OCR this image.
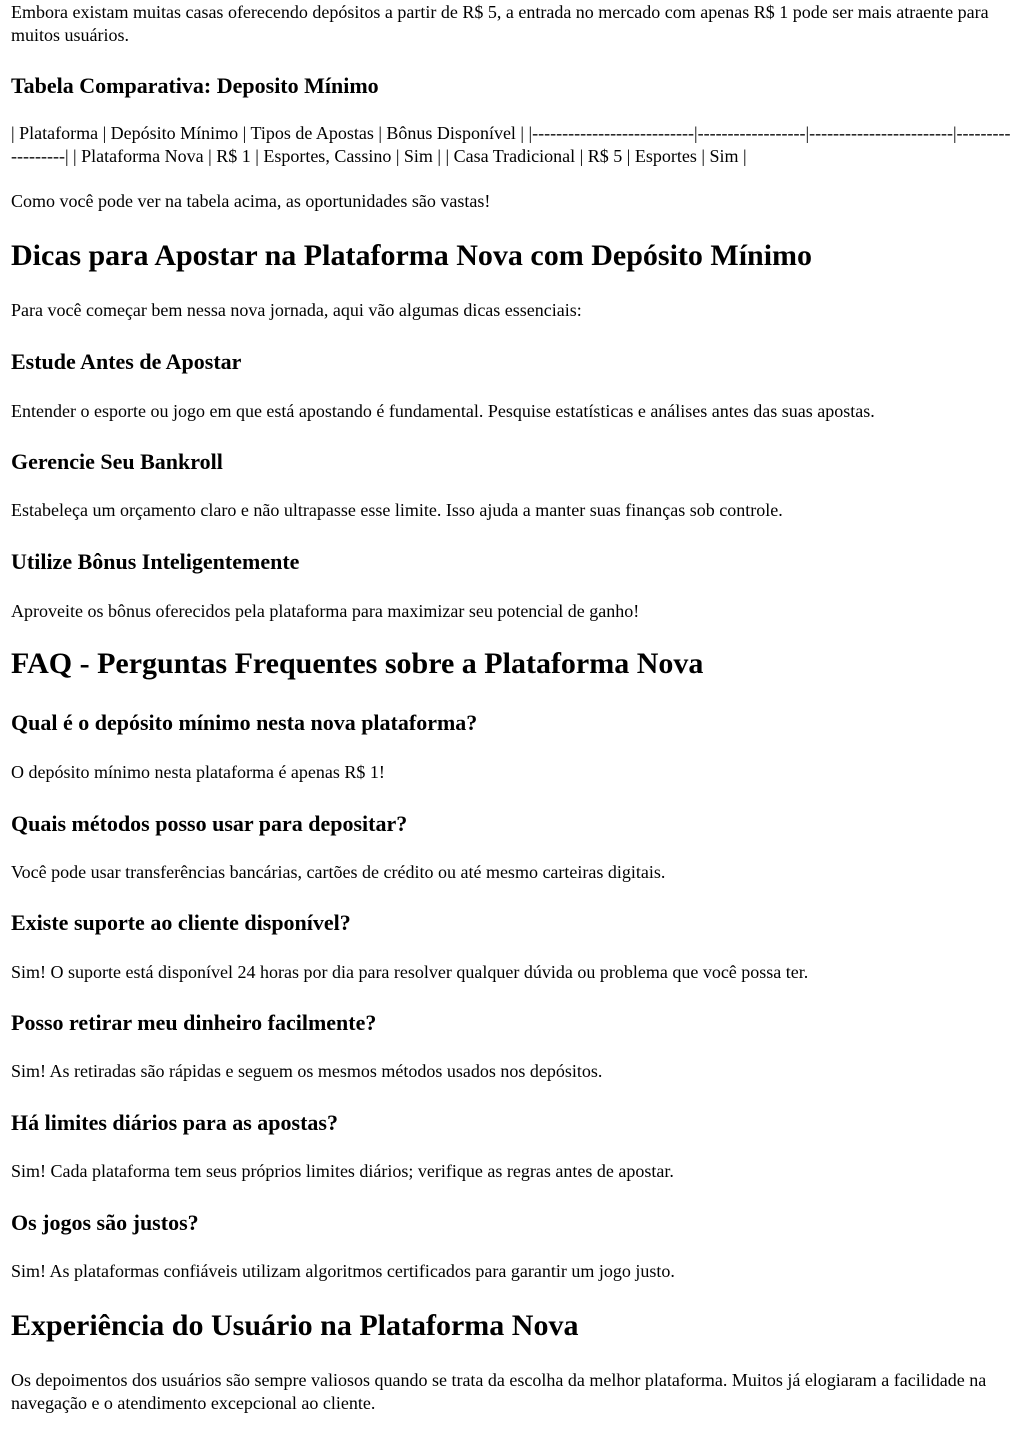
Embora existam muitas casas oferecendo depósitos a partir de R$ 5, a entrada no mercado com apenas R$ 1 pode ser mais atraente para muitos usuários.

Tabela Comparativa: Deposito Mínimo

| Plataforma | Depósito Mínimo | Tipos de Apostas | Bônus Disponível | |---------------------------|------------------|------------------------|------------------| | Plataforma Nova | R$ 1 | Esportes, Cassino | Sim | | Casa Tradicional | R$ 5 | Esportes | Sim |

Como você pode ver na tabela acima, as oportunidades são vastas!

Dicas para Apostar na Plataforma Nova com Depósito Mínimo

Para você começar bem nessa nova jornada, aqui vão algumas dicas essenciais:

Estude Antes de Apostar

Entender o esporte ou jogo em que está apostando é fundamental. Pesquise estatísticas e análises antes das suas apostas.

Gerencie Seu Bankroll

Estabeleça um orçamento claro e não ultrapasse esse limite. Isso ajuda a manter suas finanças sob controle.

Utilize Bônus Inteligentemente

Aproveite os bônus oferecidos pela plataforma para maximizar seu potencial de ganho!

FAQ - Perguntas Frequentes sobre a Plataforma Nova
Qual é o depósito mínimo nesta nova plataforma?

O depósito mínimo nesta plataforma é apenas R$ 1!

Quais métodos posso usar para depositar?

Você pode usar transferências bancárias, cartões de crédito ou até mesmo carteiras digitais.

Existe suporte ao cliente disponível?

Sim! O suporte está disponível 24 horas por dia para resolver qualquer dúvida ou problema que você possa ter.

Posso retirar meu dinheiro facilmente?

Sim! As retiradas são rápidas e seguem os mesmos métodos usados nos depósitos.

Há limites diários para as apostas?

Sim! Cada plataforma tem seus próprios limites diários; verifique as regras antes de apostar.

Os jogos são justos?

Sim! As plataformas confiáveis utilizam algoritmos certificados para garantir um jogo justo.

Experiência do Usuário na Plataforma Nova

Os depoimentos dos usuários são sempre valiosos quando se trata da escolha da melhor plataforma. Muitos já elogiaram a facilidade na navegação e o atendimento excepcional ao cliente.
